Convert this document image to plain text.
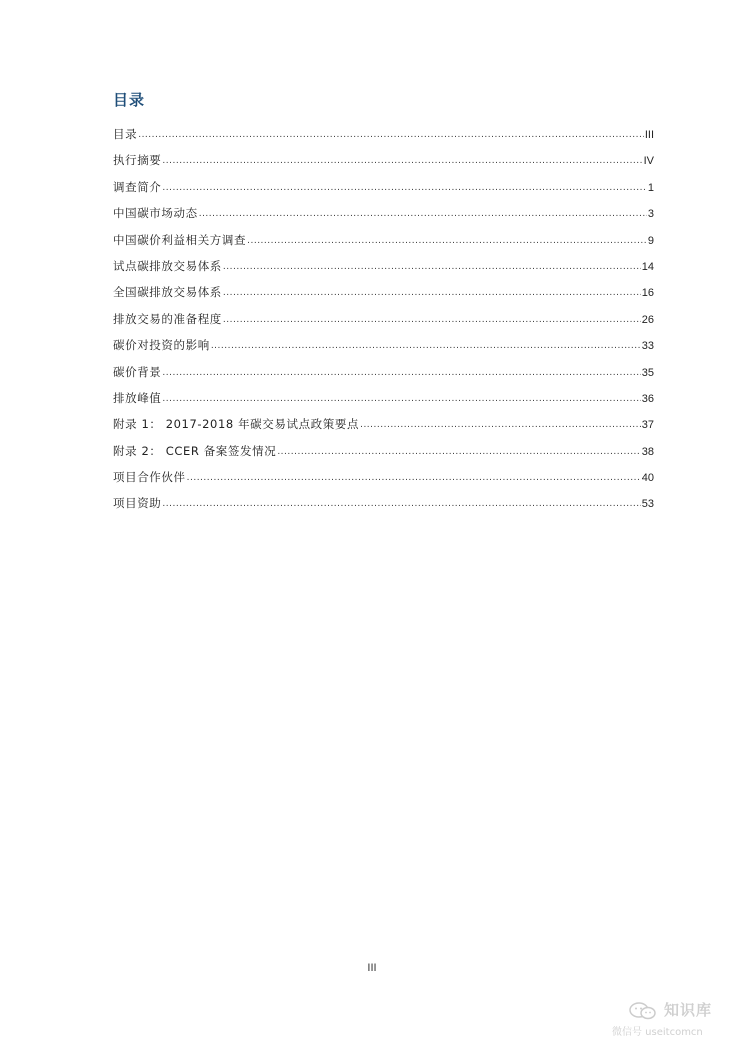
目录
目录 .....	III
执行摘要 .....	IV
调查简介 .....	1
中国碳市场动态 .....	3
中国碳价利益相关方调查 .....	9
试点碳排放交易体系 .....	14
全国碳排放交易体系 .....	16
排放交易的准备程度 .....	26
碳价对投资的影响 .....	33
碳价背景 .....	35
排放峰值 .....	36
附录 1： 2017-2018 年碳交易试点政策要点 .....	37
附录 2： CCER 备案签发情况 .....	38
项目合作伙伴 .....	40
项目资助 .....	53
III
知识库
微信号 useitcomcn
